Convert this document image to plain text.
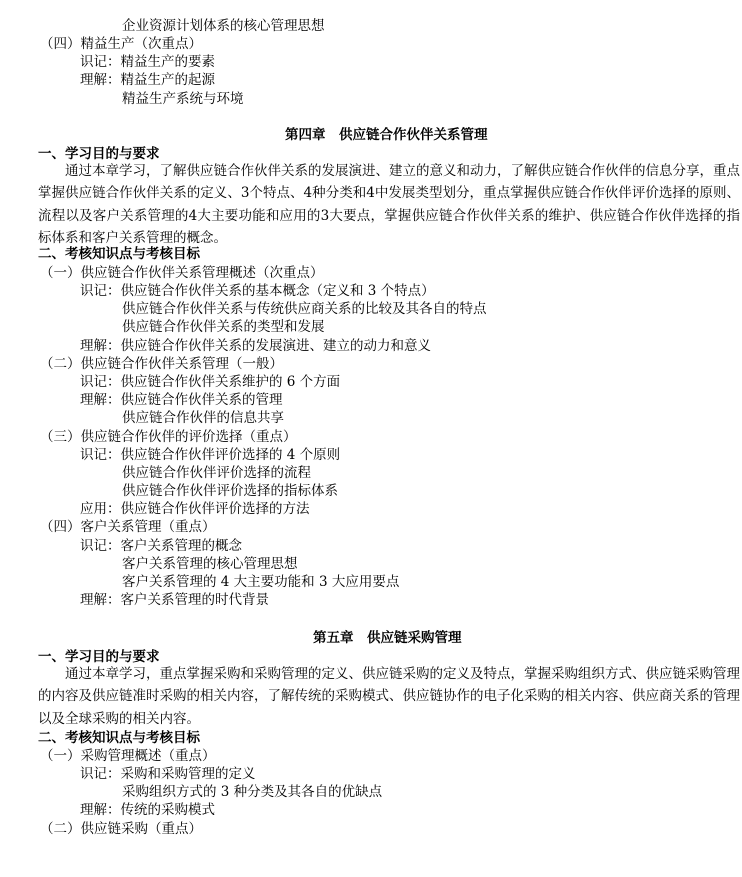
企业资源计划体系的核心管理思想
（四）精益生产（次重点）
识记：精益生产的要素
理解：精益生产的起源
精益生产系统与环境
第四章　供应链合作伙伴关系管理
一、学习目的与要求
通过本章学习，了解供应链合作伙伴关系的发展演进、建立的意义和动力，了解供应链合作伙伴的信息分享，重点掌握供应链合作伙伴关系的定义、3个特点、4种分类和4中发展类型划分，重点掌握供应链合作伙伴评价选择的原则、流程以及客户关系管理的4大主要功能和应用的3大要点，掌握供应链合作伙伴关系的维护、供应链合作伙伴选择的指标体系和客户关系管理的概念。
二、考核知识点与考核目标
（一）供应链合作伙伴关系管理概述（次重点）
识记：供应链合作伙伴关系的基本概念（定义和 3 个特点）
供应链合作伙伴关系与传统供应商关系的比较及其各自的特点
供应链合作伙伴关系的类型和发展
理解：供应链合作伙伴关系的发展演进、建立的动力和意义
（二）供应链合作伙伴关系管理（一般）
识记：供应链合作伙伴关系维护的 6 个方面
理解：供应链合作伙伴关系的管理
供应链合作伙伴的信息共享
（三）供应链合作伙伴的评价选择（重点）
识记：供应链合作伙伴评价选择的 4 个原则
供应链合作伙伴评价选择的流程
供应链合作伙伴评价选择的指标体系
应用：供应链合作伙伴评价选择的方法
（四）客户关系管理（重点）
识记：客户关系管理的概念
客户关系管理的核心管理思想
客户关系管理的 4 大主要功能和 3 大应用要点
理解：客户关系管理的时代背景
第五章　供应链采购管理
一、学习目的与要求
通过本章学习，重点掌握采购和采购管理的定义、供应链采购的定义及特点，掌握采购组织方式、供应链采购管理的内容及供应链准时采购的相关内容，了解传统的采购模式、供应链协作的电子化采购的相关内容、供应商关系的管理以及全球采购的相关内容。
二、考核知识点与考核目标
（一）采购管理概述（重点）
识记：采购和采购管理的定义
采购组织方式的 3 种分类及其各自的优缺点
理解：传统的采购模式
（二）供应链采购（重点）
